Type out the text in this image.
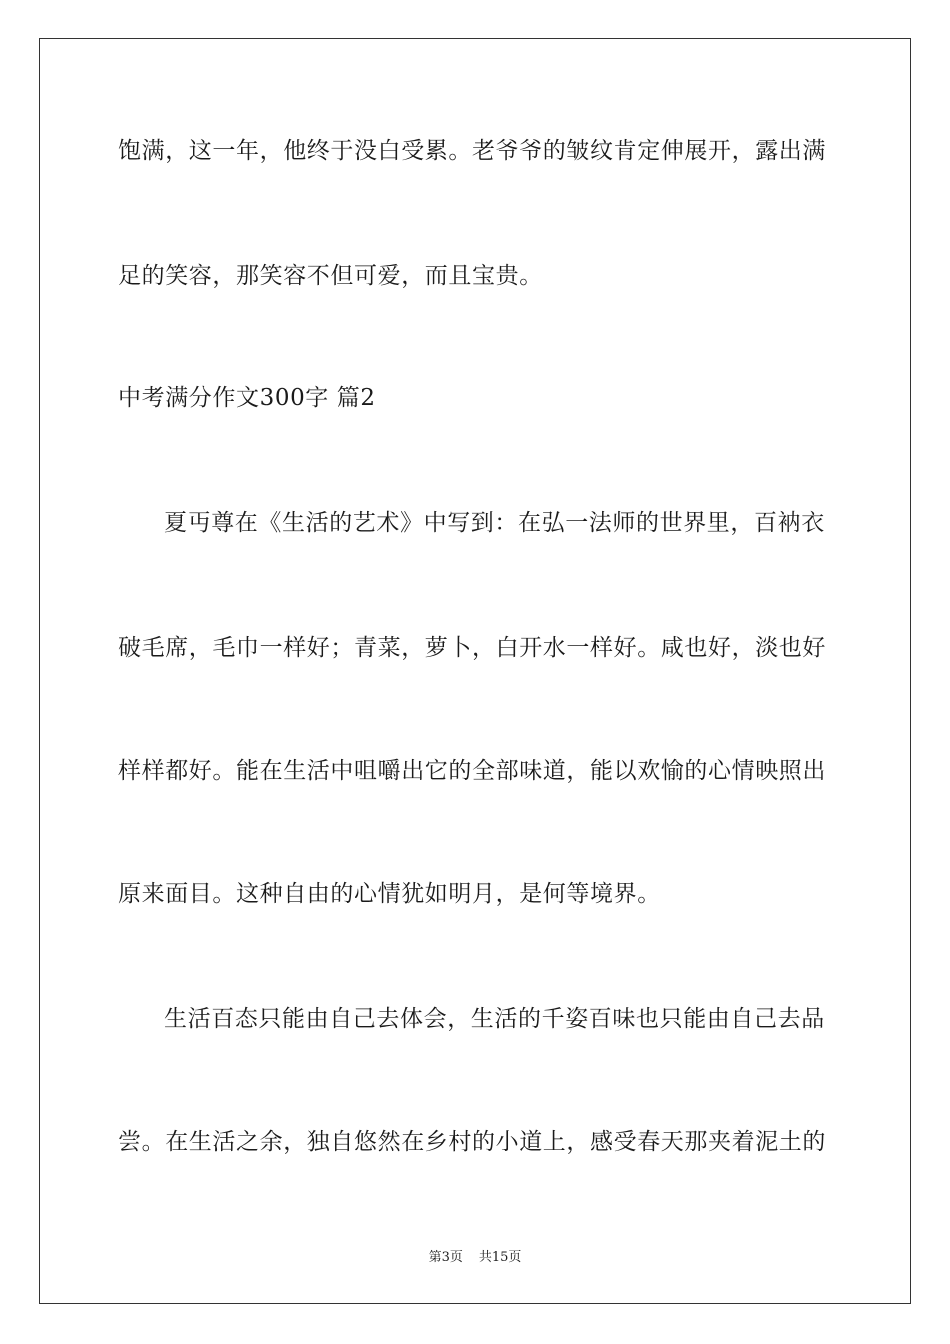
饱满，这一年，他终于没白受累。老爷爷的皱纹肯定伸展开，露出满
足的笑容，那笑容不但可爱，而且宝贵。
中考满分作文300字 篇2
夏丏尊在《生活的艺术》中写到：在弘一法师的世界里，百衲衣
破毛席，毛巾一样好；青菜，萝卜，白开水一样好。咸也好，淡也好
样样都好。能在生活中咀嚼出它的全部味道，能以欢愉的心情映照出
原来面目。这种自由的心情犹如明月，是何等境界。
生活百态只能由自己去体会，生活的千姿百味也只能由自己去品
尝。在生活之余，独自悠然在乡村的小道上，感受春天那夹着泥土的
第3页 共15页
